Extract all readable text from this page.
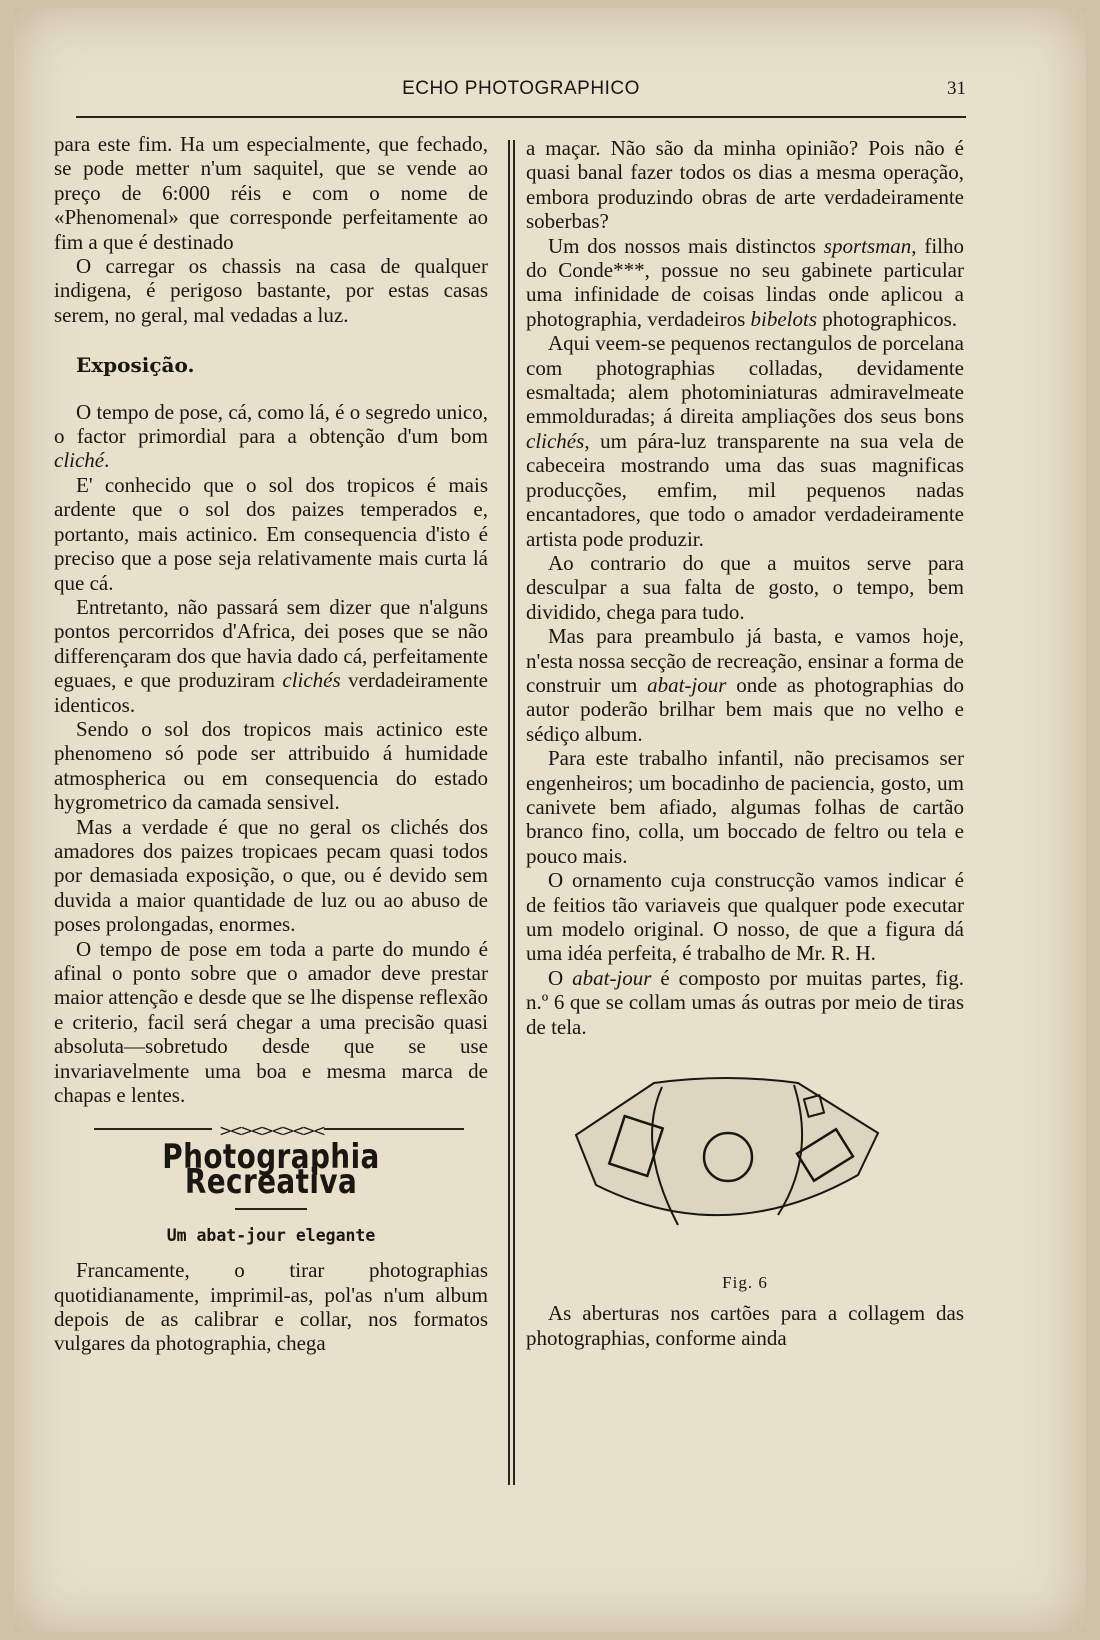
ECHO PHOTOGRAPHICO	31

para este fim. Ha um especialmente, que fechado, se pode metter n'um saquitel, que se vende ao preço de 6:000 réis e com o nome de «Phenomenal» que corresponde perfeitamente ao fim a que é destinado

O carregar os chassis na casa de qualquer indigena, é perigoso bastante, por estas casas serem, no geral, mal vedadas a luz.

Exposição.

O tempo de pose, cá, como lá, é o segredo unico, o factor primordial para a obtenção d'um bom cliché.

E' conhecido que o sol dos tropicos é mais ardente que o sol dos paizes temperados e, portanto, mais actinico. Em consequencia d'isto é preciso que a pose seja relativamente mais curta lá que cá.

Entretanto, não passará sem dizer que n'alguns pontos percorridos d'Africa, dei poses que se não differençaram dos que havia dado cá, perfeitamente eguaes, e que produziram clichés verdadeiramente identicos.

Sendo o sol dos tropicos mais actinico este phenomeno só pode ser attribuido á humidade atmospherica ou em consequencia do estado hygrometrico da camada sensivel.

Mas a verdade é que no geral os clichés dos amadores dos paizes tropicaes pecam quasi todos por demasiada exposição, o que, ou é devido sem duvida a maior quantidade de luz ou ao abuso de poses prolongadas, enormes.

O tempo de pose em toda a parte do mundo é afinal o ponto sobre que o amador deve prestar maior attenção e desde que se lhe dispense reflexão e criterio, facil será chegar a uma precisão quasi absoluta—sobretudo desde que se use invariavelmente uma boa e mesma marca de chapas e lentes.

><><><><><
Photographia Recreativa
Um abat-jour elegante

Francamente, o tirar photographias quotidianamente, imprimil-as, pol'as n'um album depois de as calibrar e collar, nos formatos vulgares da photographia, chega

a maçar. Não são da minha opinião? Pois não é quasi banal fazer todos os dias a mesma operação, embora produzindo obras de arte verdadeiramente soberbas?

Um dos nossos mais distinctos sportsman, filho do Conde***, possue no seu gabinete particular uma infinidade de coisas lindas onde aplicou a photographia, verdadeiros bibelots photographicos.

Aqui veem-se pequenos rectangulos de porcelana com photographias colladas, devidamente esmaltada; alem photominiaturas admiravelmeate emmolduradas; á direita ampliações dos seus bons clichés, um pára-luz transparente na sua vela de cabeceira mostrando uma das suas magnificas producções, emfim, mil pequenos nadas encantadores, que todo o amador verdadeiramente artista pode produzir.

Ao contrario do que a muitos serve para desculpar a sua falta de gosto, o tempo, bem dividido, chega para tudo.

Mas para preambulo já basta, e vamos hoje, n'esta nossa secção de recreação, ensinar a forma de construir um abat-jour onde as photographias do autor poderão brilhar bem mais que no velho e sédiço album.

Para este trabalho infantil, não precisamos ser engenheiros; um bocadinho de paciencia, gosto, um canivete bem afiado, algumas folhas de cartão branco fino, colla, um boccado de feltro ou tela e pouco mais.

O ornamento cuja construcção vamos indicar é de feitios tão variaveis que qualquer pode executar um modelo original. O nosso, de que a figura dá uma idéa perfeita, é trabalho de Mr. R. H.

O abat-jour é composto por muitas partes, fig. n.º 6 que se collam umas ás outras por meio de tiras de tela.

Fig. 6

As aberturas nos cartões para a collagem das photographias, conforme ainda
